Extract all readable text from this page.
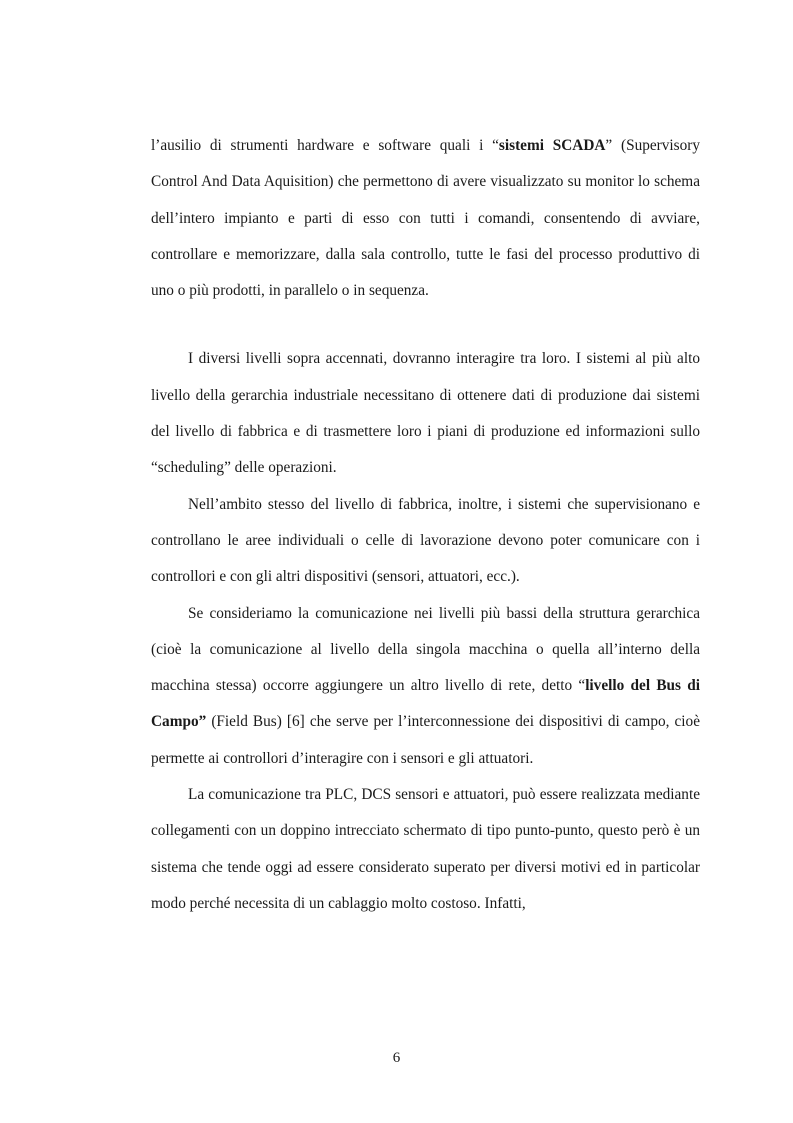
l’ausilio di strumenti hardware e software quali i “sistemi SCADA” (Supervisory Control And Data Aquisition) che permettono di avere visualizzato su monitor lo schema dell’intero impianto e parti di esso con tutti i comandi, consentendo di avviare, controllare e memorizzare, dalla sala controllo, tutte le fasi del processo produttivo di uno o più prodotti, in parallelo o in sequenza.

I diversi livelli sopra accennati, dovranno interagire tra loro. I sistemi al più alto livello della gerarchia industriale necessitano di ottenere dati di produzione dai sistemi del livello di fabbrica e di trasmettere loro i piani di produzione ed informazioni sullo “scheduling” delle operazioni.

Nell’ambito stesso del livello di fabbrica, inoltre, i sistemi che supervisionano e controllano le aree individuali o celle di lavorazione devono poter comunicare con i controllori e con gli altri dispositivi (sensori, attuatori, ecc.).

Se consideriamo la comunicazione nei livelli più bassi della struttura gerarchica (cioè la comunicazione al livello della singola macchina o quella all’interno della macchina stessa) occorre aggiungere un altro livello di rete, detto “livello del Bus di Campo” (Field Bus) [6] che serve per l’interconnessione dei dispositivi di campo, cioè permette ai controllori d’interagire con i sensori e gli attuatori.

La comunicazione tra PLC, DCS sensori e attuatori, può essere realizzata mediante collegamenti con un doppino intrecciato schermato di tipo punto-punto, questo però è un sistema che tende oggi ad essere considerato superato per diversi motivi ed in particolar modo perché necessita di un cablaggio molto costoso. Infatti,

6
